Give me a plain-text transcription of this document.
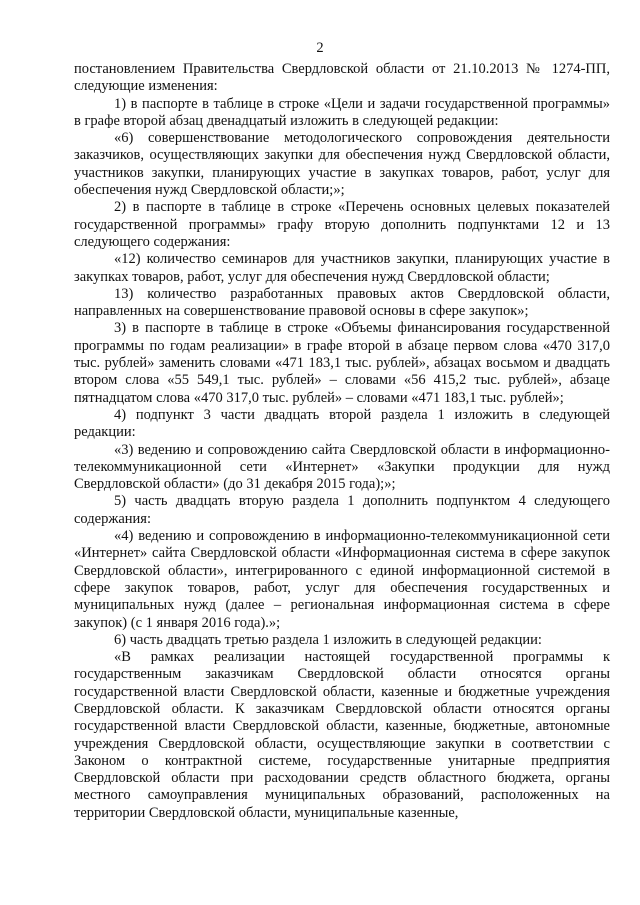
2

постановлением Правительства Свердловской области от 21.10.2013 № 1274-ПП, следующие изменения:

1) в паспорте в таблице в строке «Цели и задачи государственной программы» в графе второй абзац двенадцатый изложить в следующей редакции:

«6) совершенствование методологического сопровождения деятельности заказчиков, осуществляющих закупки для обеспечения нужд Свердловской области, участников закупки, планирующих участие в закупках товаров, работ, услуг для обеспечения нужд Свердловской области;»;

2) в паспорте в таблице в строке «Перечень основных целевых показателей государственной программы» графу вторую дополнить подпунктами 12 и 13 следующего содержания:

«12) количество семинаров для участников закупки, планирующих участие в закупках товаров, работ, услуг для обеспечения нужд Свердловской области;

13) количество разработанных правовых актов Свердловской области, направленных на совершенствование правовой основы в сфере закупок»;

3) в паспорте в таблице в строке «Объемы финансирования государственной программы по годам реализации» в графе второй в абзаце первом слова «470 317,0 тыс. рублей» заменить словами «471 183,1 тыс. рублей», абзацах восьмом и двадцать втором слова «55 549,1 тыс. рублей» – словами «56 415,2 тыс. рублей», абзаце пятнадцатом слова «470 317,0 тыс. рублей» – словами «471 183,1 тыс. рублей»;

4) подпункт 3 части двадцать второй раздела 1 изложить в следующей редакции:

«3) ведению и сопровождению сайта Свердловской области в информационно-телекоммуникационной сети «Интернет» «Закупки продукции для нужд Свердловской области» (до 31 декабря 2015 года);»;

5) часть двадцать вторую раздела 1 дополнить подпунктом 4 следующего содержания:

«4) ведению и сопровождению в информационно-телекоммуникационной сети «Интернет» сайта Свердловской области «Информационная система в сфере закупок Свердловской области», интегрированного с единой информационной системой в сфере закупок товаров, работ, услуг для обеспечения государственных и муниципальных нужд (далее – региональная информационная система в сфере закупок) (с 1 января 2016 года).»;

6) часть двадцать третью раздела 1 изложить в следующей редакции:

«В рамках реализации настоящей государственной программы к государственным заказчикам Свердловской области относятся органы государственной власти Свердловской области, казенные и бюджетные учреждения Свердловской области. К заказчикам Свердловской области относятся органы государственной власти Свердловской области, казенные, бюджетные, автономные учреждения Свердловской области, осуществляющие закупки в соответствии с Законом о контрактной системе, государственные унитарные предприятия Свердловской области при расходовании средств областного бюджета, органы местного самоуправления муниципальных образований, расположенных на территории Свердловской области, муниципальные казенные,
